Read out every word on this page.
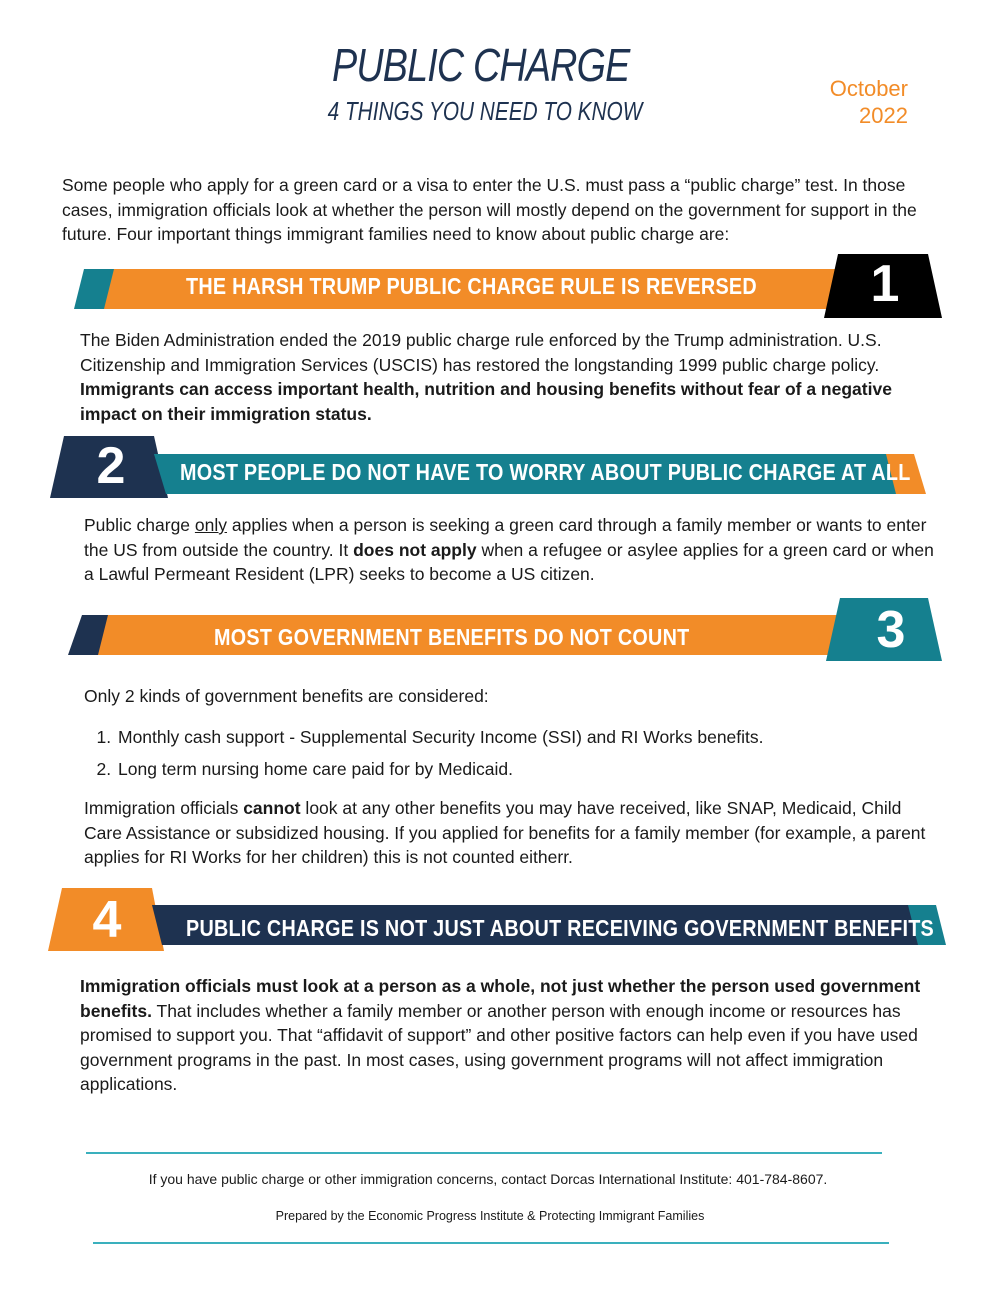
PUBLIC CHARGE
4 THINGS YOU NEED TO KNOW
October
2022
Some people who apply for a green card or a visa to enter the U.S. must pass a “public charge” test. In those cases, immigration officials look at whether the person will mostly depend on the government for support in the future. Four important things immigrant families need to know about public charge are:
THE HARSH TRUMP PUBLIC CHARGE RULE IS REVERSED	1
The Biden Administration ended the 2019 public charge rule enforced by the Trump administration. U.S. Citizenship and Immigration Services (USCIS) has restored the longstanding 1999 public charge policy. Immigrants can access important health, nutrition and housing benefits without fear of a negative impact on their immigration status.
2	MOST PEOPLE DO NOT HAVE TO WORRY ABOUT PUBLIC CHARGE AT ALL
Public charge only applies when a person is seeking a green card through a family member or wants to enter the US from outside the country. It does not apply when a refugee or asylee applies for a green card or when a Lawful Permeant Resident (LPR) seeks to become a US citizen.
MOST GOVERNMENT BENEFITS DO NOT COUNT	3
Only 2 kinds of government benefits are considered:
1. Monthly cash support - Supplemental Security Income (SSI) and RI Works benefits.
2. Long term nursing home care paid for by Medicaid.
Immigration officials cannot look at any other benefits you may have received, like SNAP, Medicaid, Child Care Assistance or subsidized housing. If you applied for benefits for a family member (for example, a parent applies for RI Works for her children) this is not counted eitherr.
4	PUBLIC CHARGE IS NOT JUST ABOUT RECEIVING GOVERNMENT BENEFITS
Immigration officials must look at a person as a whole, not just whether the person used government benefits. That includes whether a family member or another person with enough income or resources has promised to support you. That “affidavit of support” and other positive factors can help even if you have used government programs in the past. In most cases, using government programs will not affect immigration applications.
If you have public charge or other immigration concerns, contact Dorcas International Institute: 401-784-8607.
Prepared by the Economic Progress Institute & Protecting Immigrant Families
